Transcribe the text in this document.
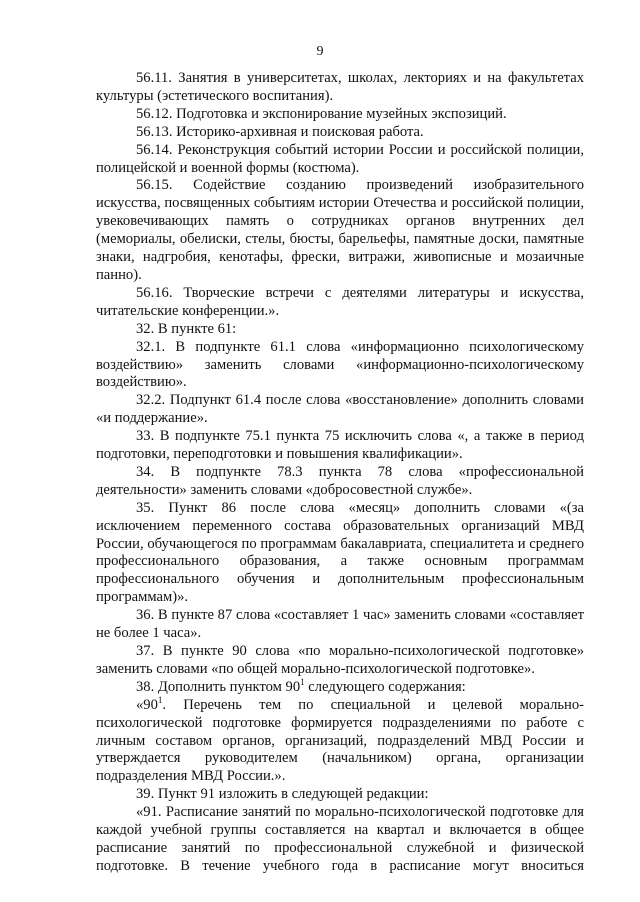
9

56.11. Занятия в университетах, школах, лекториях и на факультетах культуры (эстетического воспитания).

56.12. Подготовка и экспонирование музейных экспозиций.

56.13. Историко-архивная и поисковая работа.

56.14. Реконструкция событий истории России и российской полиции, полицейской и военной формы (костюма).

56.15. Содействие созданию произведений изобразительного искусства, посвященных событиям истории Отечества и российской полиции, увековечивающих память о сотрудниках органов внутренних дел (мемориалы, обелиски, стелы, бюсты, барельефы, памятные доски, памятные знаки, надгробия, кенотафы, фрески, витражи, живописные и мозаичные панно).

56.16. Творческие встречи с деятелями литературы и искусства, читательские конференции.».

32. В пункте 61:

32.1. В подпункте 61.1 слова «информационно психологическому воздействию» заменить словами «информационно-психологическому воздействию».

32.2. Подпункт 61.4 после слова «восстановление» дополнить словами «и поддержание».

33. В подпункте 75.1 пункта 75 исключить слова «, а также в период подготовки, переподготовки и повышения квалификации».

34. В подпункте 78.3 пункта 78 слова «профессиональной деятельности» заменить словами «добросовестной службе».

35. Пункт 86 после слова «месяц» дополнить словами «(за исключением переменного состава образовательных организаций МВД России, обучающегося по программам бакалавриата, специалитета и среднего профессионального образования, а также основным программам профессионального обучения и дополнительным профессиональным программам)».

36. В пункте 87 слова «составляет 1 час» заменить словами «составляет не более 1 часа».

37. В пункте 90 слова «по морально-психологической подготовке» заменить словами «по общей морально-психологической подготовке».

38. Дополнить пунктом $90^1$ следующего содержания:

«$90^1$. Перечень тем по специальной и целевой морально-психологической подготовке формируется подразделениями по работе с личным составом органов, организаций, подразделений МВД России и утверждается руководителем (начальником) органа, организации подразделения МВД России.».

39. Пункт 91 изложить в следующей редакции:

«91. Расписание занятий по морально-психологической подготовке для каждой учебной группы составляется на квартал и включается в общее расписание занятий по профессиональной служебной и физической подготовке. В течение учебного года в расписание могут вноситься
